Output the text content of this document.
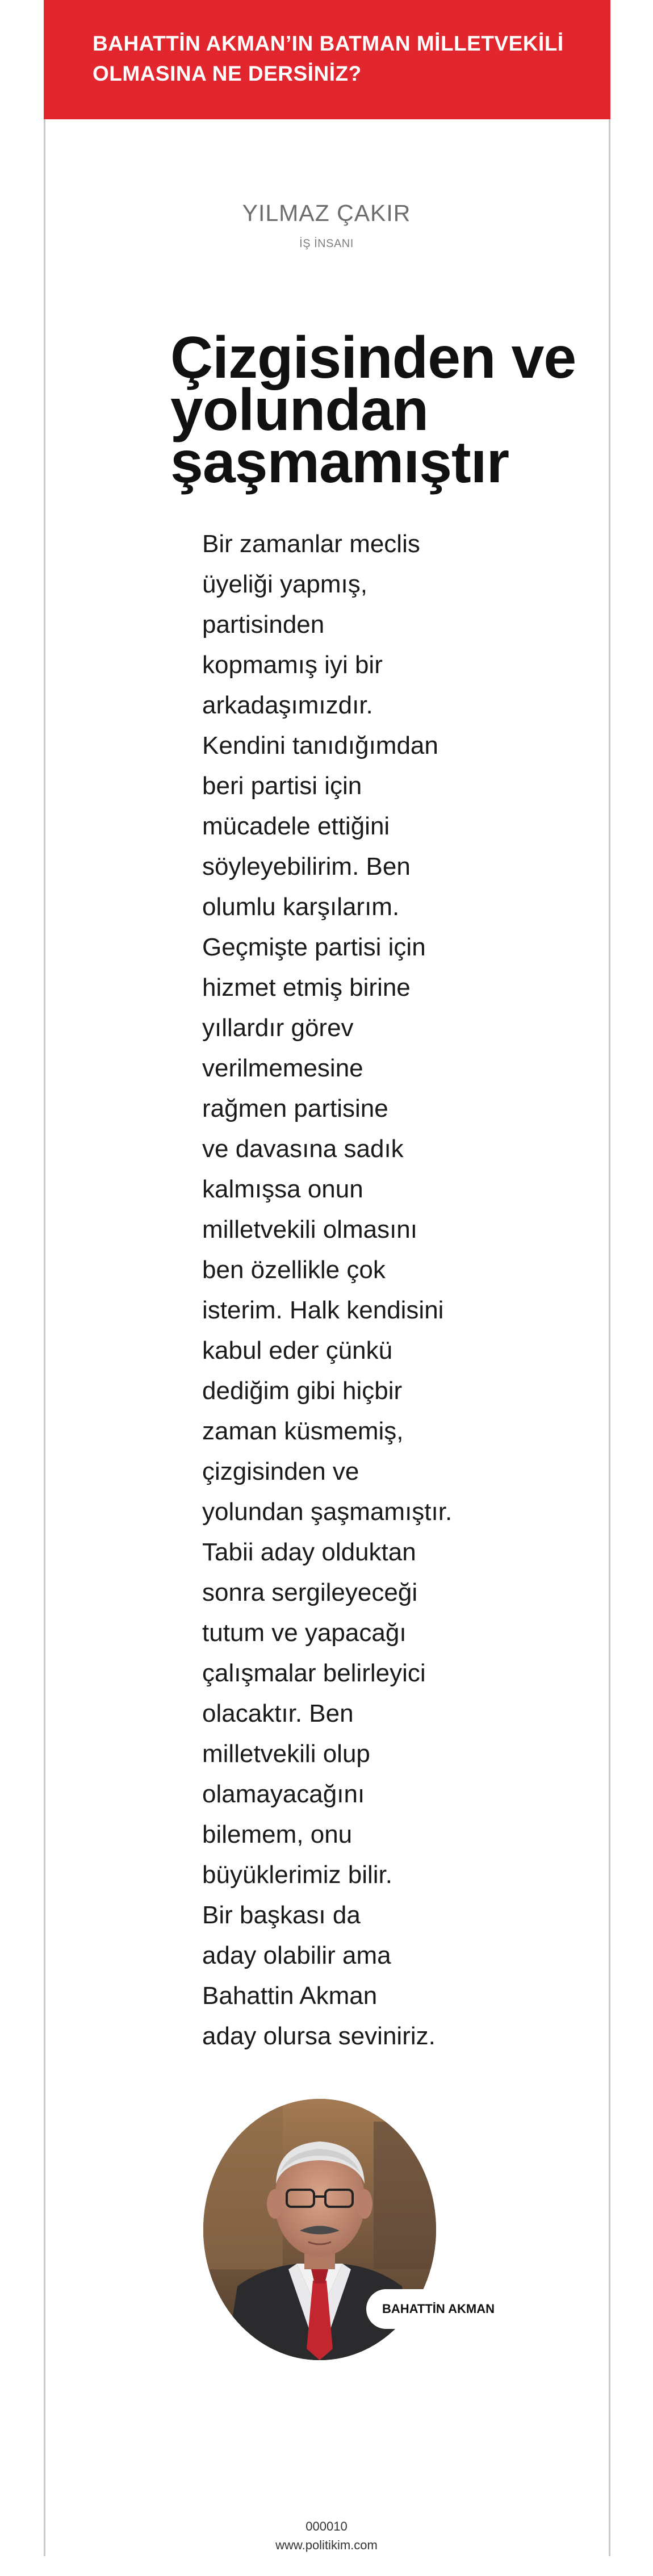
BAHATTİN AKMAN’IN BATMAN MİLLETVEKİLİ
OLMASINA NE DERSİNİZ?
YILMAZ ÇAKIR
İŞ İNSANI
Çizgisinden ve
yolundan
şaşmamıştır
Bir zamanlar meclis
üyeliği yapmış,
partisinden
kopmamış iyi bir
arkadaşımızdır.
Kendini tanıdığımdan
beri partisi için
mücadele ettiğini
söyleyebilirim. Ben
olumlu karşılarım.
Geçmişte partisi için
hizmet etmiş birine
yıllardır görev
verilmemesine
rağmen partisine
ve davasına sadık
kalmışsa onun
milletvekili olmasını
ben özellikle çok
isterim. Halk kendisini
kabul eder çünkü
dediğim gibi hiçbir
zaman küsmemiş,
çizgisinden ve
yolundan şaşmamıştır.
Tabii aday olduktan
sonra sergileyeceği
tutum ve yapacağı
çalışmalar belirleyici
olacaktır. Ben
milletvekili olup
olamayacağını
bilemem, onu
büyüklerimiz bilir.
Bir başkası da
aday olabilir ama
Bahattin Akman
aday olursa seviniriz.
BAHATTİN AKMAN
000010
www.politikim.com
